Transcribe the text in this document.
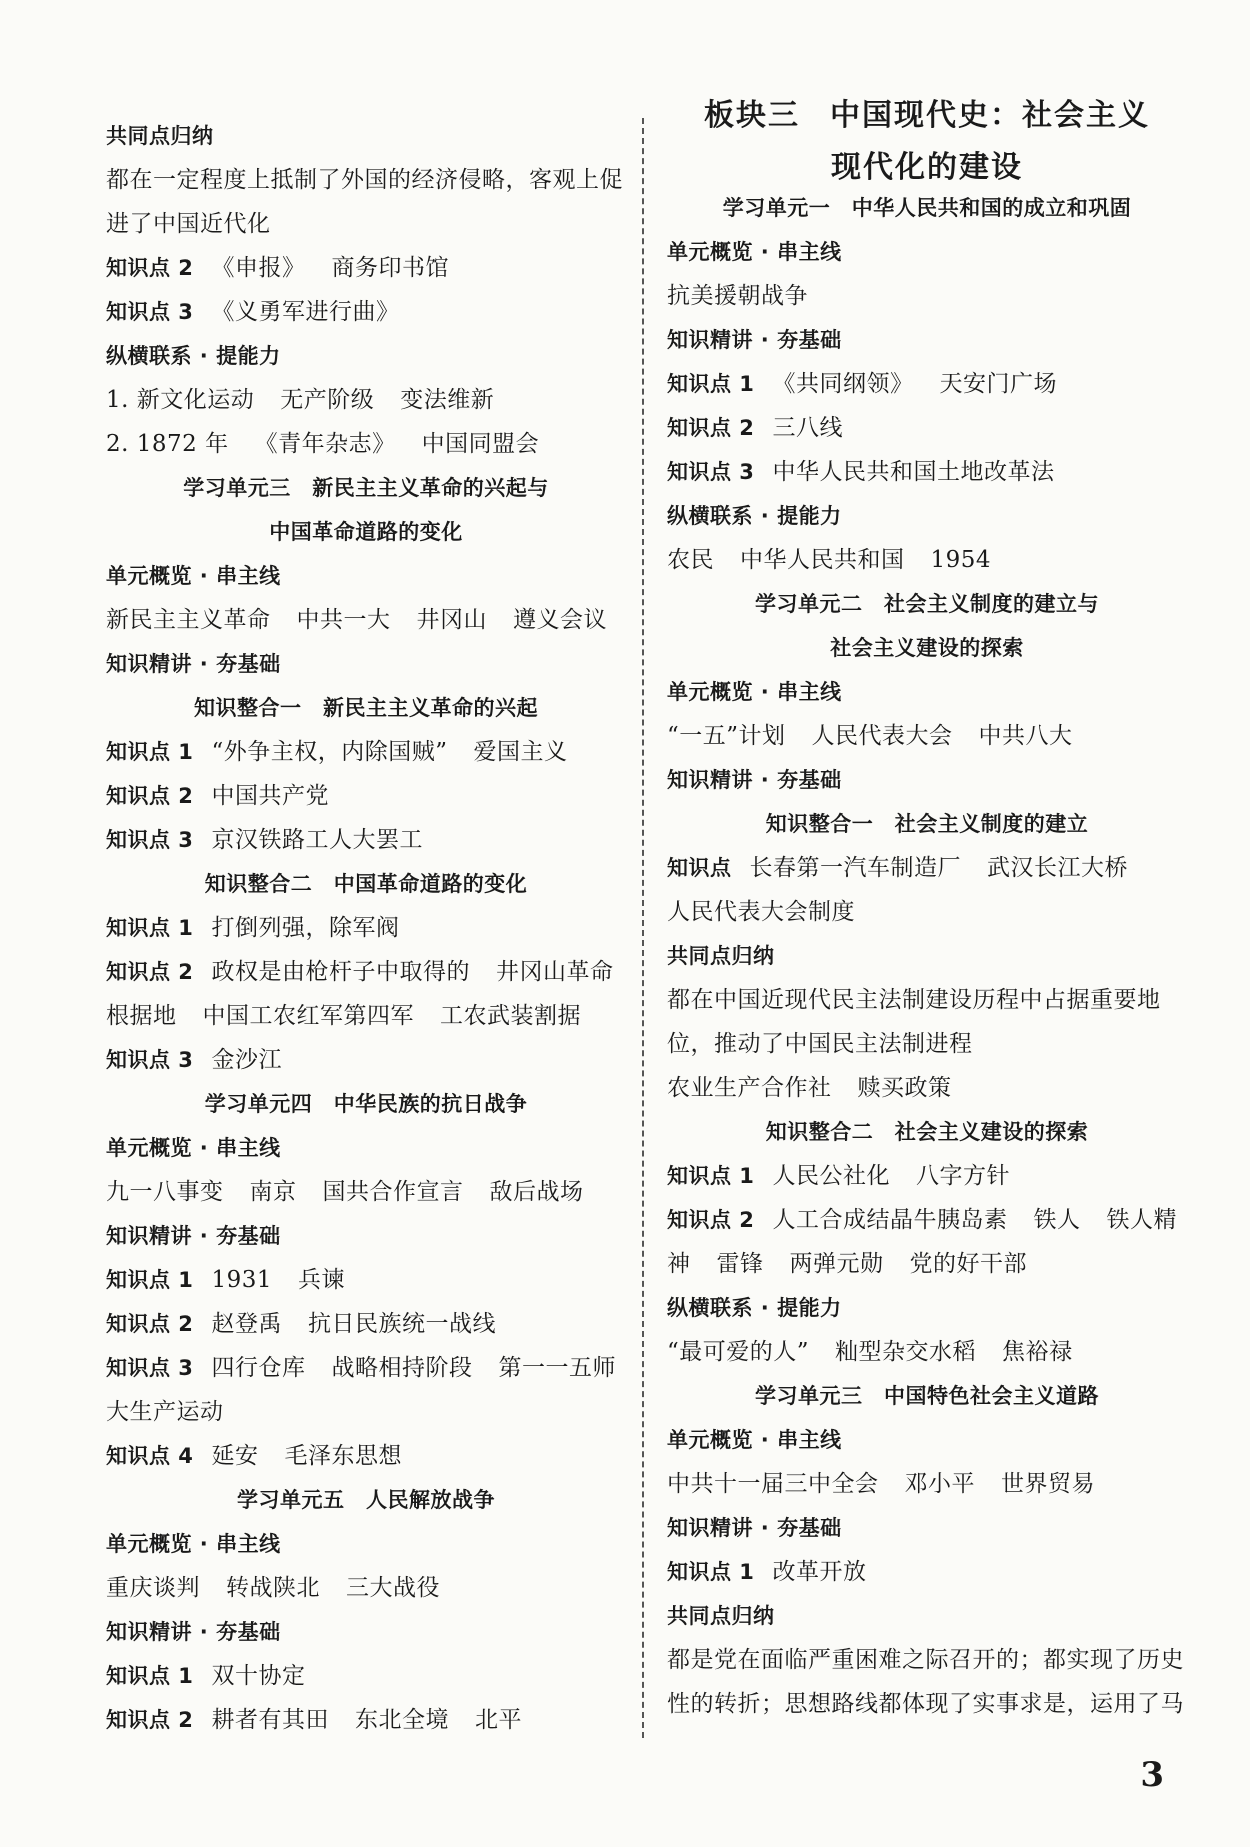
共同点归纳
都在一定程度上抵制了外国的经济侵略，客观上促
进了中国近代化
知识点 2 《申报》 商务印书馆
知识点 3 《义勇军进行曲》
纵横联系 · 提能力
1. 新文化运动 无产阶级 变法维新
2. 1872 年 《青年杂志》 中国同盟会
学习单元三　新民主主义革命的兴起与
中国革命道路的变化
单元概览 · 串主线
新民主主义革命 中共一大 井冈山 遵义会议
知识精讲 · 夯基础
知识整合一　新民主主义革命的兴起
知识点 1 “外争主权，内除国贼” 爱国主义
知识点 2 中国共产党
知识点 3 京汉铁路工人大罢工
知识整合二　中国革命道路的变化
知识点 1 打倒列强，除军阀
知识点 2 政权是由枪杆子中取得的 井冈山革命
根据地 中国工农红军第四军 工农武装割据
知识点 3 金沙江
学习单元四　中华民族的抗日战争
单元概览 · 串主线
九一八事变 南京 国共合作宣言 敌后战场
知识精讲 · 夯基础
知识点 1 1931 兵谏
知识点 2 赵登禹 抗日民族统一战线
知识点 3 四行仓库 战略相持阶段 第一一五师
大生产运动
知识点 4 延安 毛泽东思想
学习单元五　人民解放战争
单元概览 · 串主线
重庆谈判 转战陕北 三大战役
知识精讲 · 夯基础
知识点 1 双十协定
知识点 2 耕者有其田 东北全境 北平
板块三 中国现代史：社会主义
现代化的建设
学习单元一　中华人民共和国的成立和巩固
单元概览 · 串主线
抗美援朝战争
知识精讲 · 夯基础
知识点 1 《共同纲领》 天安门广场
知识点 2 三八线
知识点 3 中华人民共和国土地改革法
纵横联系 · 提能力
农民 中华人民共和国 1954
学习单元二　社会主义制度的建立与
社会主义建设的探索
单元概览 · 串主线
“一五”计划 人民代表大会 中共八大
知识精讲 · 夯基础
知识整合一　社会主义制度的建立
知识点 长春第一汽车制造厂 武汉长江大桥
人民代表大会制度
共同点归纳
都在中国近现代民主法制建设历程中占据重要地
位，推动了中国民主法制进程
农业生产合作社 赎买政策
知识整合二　社会主义建设的探索
知识点 1 人民公社化 八字方针
知识点 2 人工合成结晶牛胰岛素 铁人 铁人精
神 雷锋 两弹元勋 党的好干部
纵横联系 · 提能力
“最可爱的人” 籼型杂交水稻 焦裕禄
学习单元三　中国特色社会主义道路
单元概览 · 串主线
中共十一届三中全会 邓小平 世界贸易
知识精讲 · 夯基础
知识点 1 改革开放
共同点归纳
都是党在面临严重困难之际召开的；都实现了历史
性的转折；思想路线都体现了实事求是，运用了马
3
